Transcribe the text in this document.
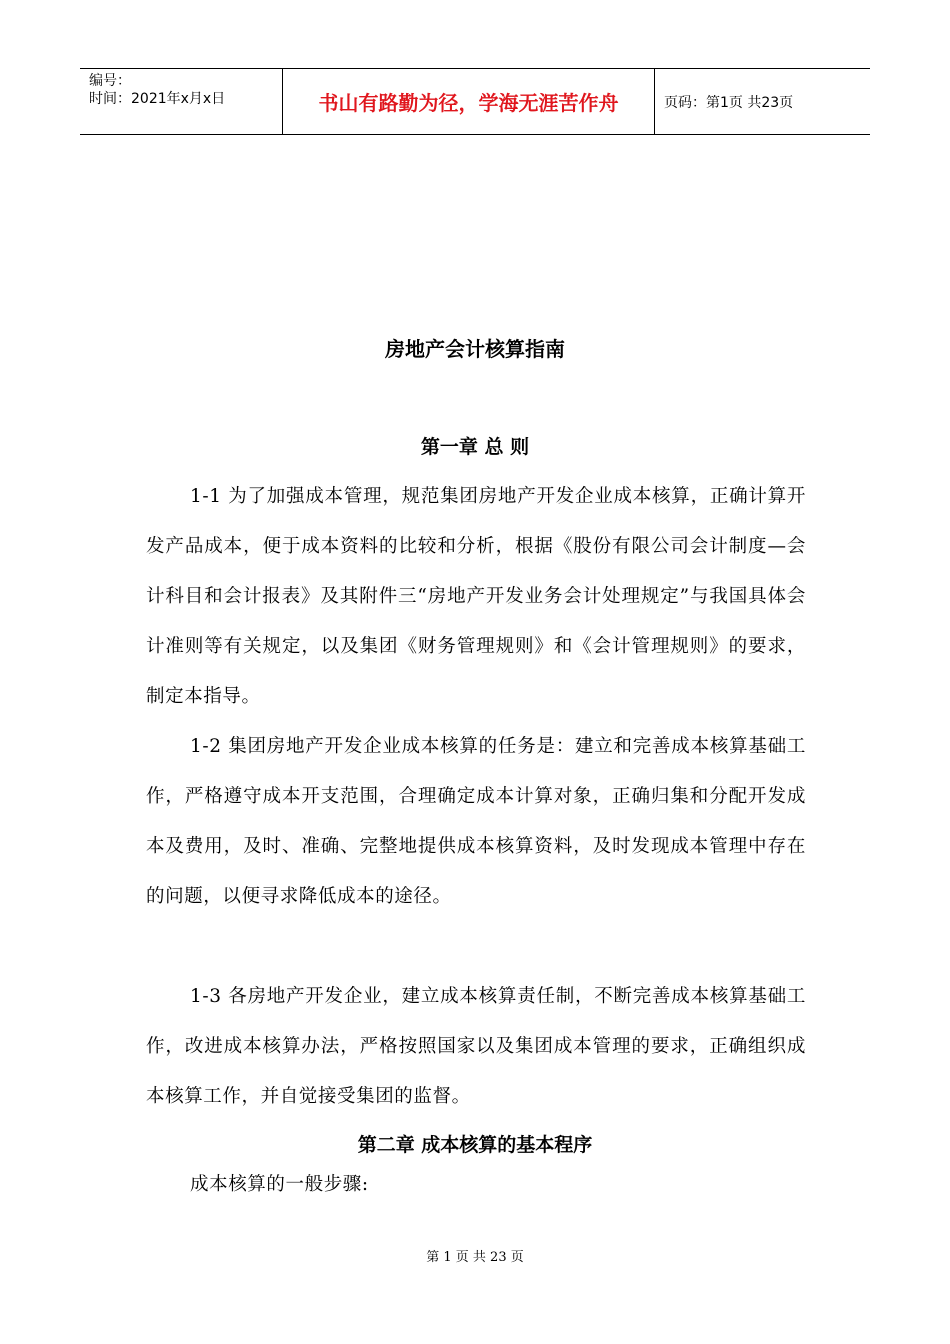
编号：
时间：2021年x月x日	书山有路勤为径，学海无涯苦作舟	页码：第1页 共23页
房地产会计核算指南
第一章 总 则

1-1 为了加强成本管理，规范集团房地产开发企业成本核算，正确计算开发产品成本，便于成本资料的比较和分析，根据《股份有限公司会计制度—会计科目和会计报表》及其附件三“房地产开发业务会计处理规定”与我国具体会计准则等有关规定，以及集团《财务管理规则》和《会计管理规则》的要求，制定本指导。

1-2 集团房地产开发企业成本核算的任务是：建立和完善成本核算基础工作，严格遵守成本开支范围，合理确定成本计算对象，正确归集和分配开发成本及费用，及时、准确、完整地提供成本核算资料，及时发现成本管理中存在的问题，以便寻求降低成本的途径。

1-3 各房地产开发企业，建立成本核算责任制，不断完善成本核算基础工作，改进成本核算办法，严格按照国家以及集团成本管理的要求，正确组织成本核算工作，并自觉接受集团的监督。

第二章 成本核算的基本程序

成本核算的一般步骤:

第 1 页 共 23 页
